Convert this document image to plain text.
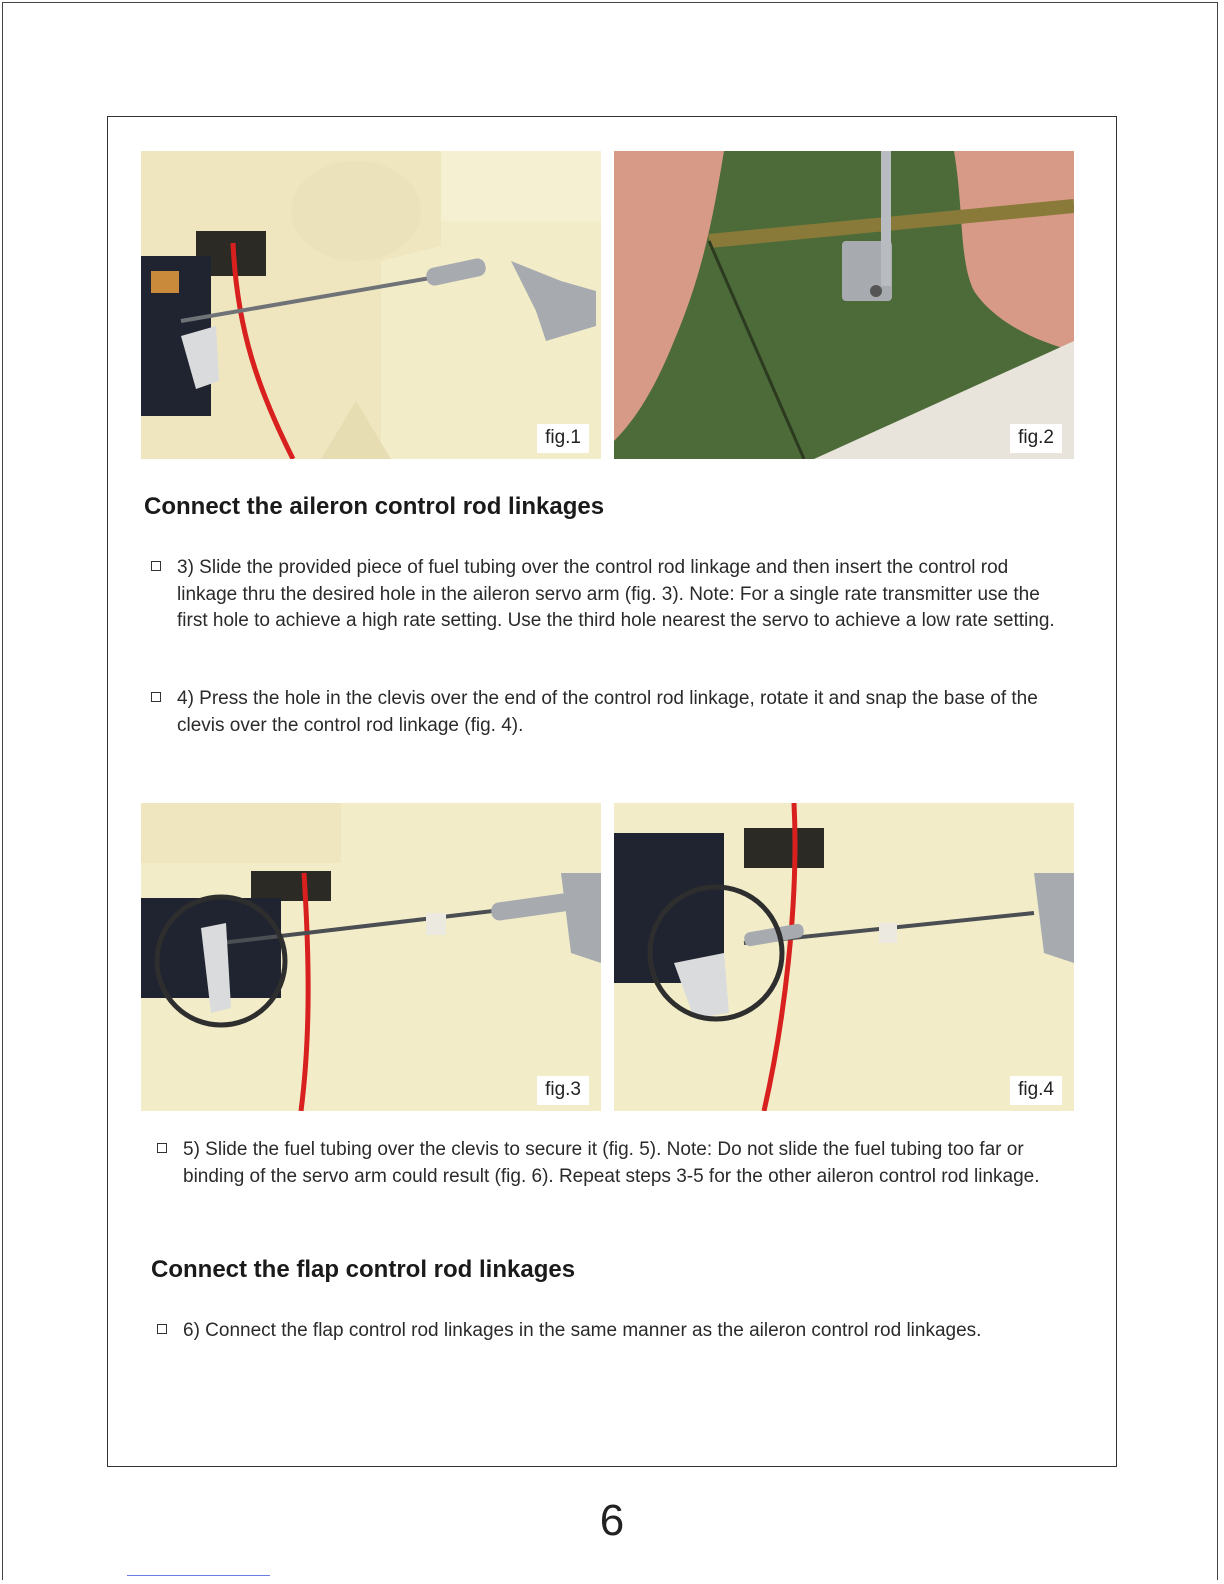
fig.1	fig.2
Connect the aileron control rod linkages
3) Slide the provided piece of fuel tubing over the control rod linkage and then insert the control rod linkage thru the desired hole in the aileron servo arm (fig. 3). Note: For a single rate transmitter use the first hole to achieve a high rate setting. Use the third hole nearest the servo to achieve a low rate setting.
4) Press the hole in the clevis over the end of the control rod linkage, rotate it and snap the base of the clevis over the control rod linkage (fig. 4).
fig.3	fig.4
5) Slide the fuel tubing over the clevis to secure it (fig. 5). Note: Do not slide the fuel tubing too far or binding of the servo arm could result (fig. 6). Repeat steps 3-5 for the other aileron control rod linkage.
Connect the flap control rod linkages
6) Connect the flap control rod linkages in the same manner as the aileron control rod linkages.
6
